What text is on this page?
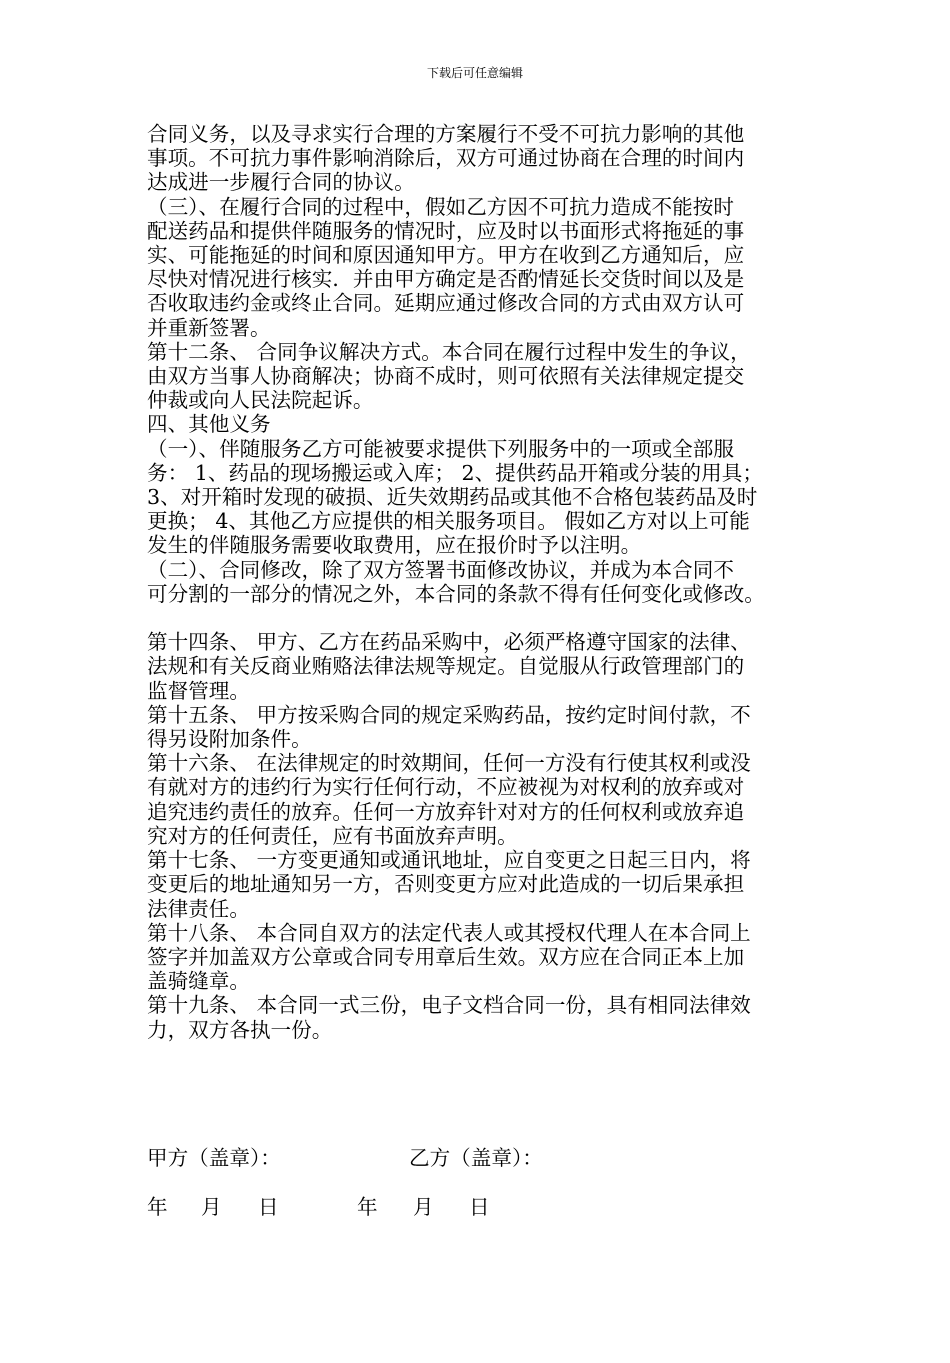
下载后可任意编辑

合同义务，以及寻求实行合理的方案履行不受不可抗力影响的其他

事项。不可抗力事件影响消除后，双方可通过协商在合理的时间内

达成进一步履行合同的协议。

（三）、在履行合同的过程中，假如乙方因不可抗力造成不能按时

配送药品和提供伴随服务的情况时，应及时以书面形式将拖延的事

实、可能拖延的时间和原因通知甲方。甲方在收到乙方通知后，应

尽快对情况进行核实．并由甲方确定是否酌情延长交货时间以及是

否收取违约金或终止合同。延期应通过修改合同的方式由双方认可

并重新签署。

第十二条、 合同争议解决方式。本合同在履行过程中发生的争议，

由双方当事人协商解决；协商不成时，则可依照有关法律规定提交

仲裁或向人民法院起诉。

四、其他义务

（一）、伴随服务乙方可能被要求提供下列服务中的一项或全部服

务： 1、药品的现场搬运或入库； 2、提供药品开箱或分装的用具；

3、对开箱时发现的破损、近失效期药品或其他不合格包装药品及时

更换； 4、其他乙方应提供的相关服务项目。 假如乙方对以上可能

发生的伴随服务需要收取费用，应在报价时予以注明。

（二）、合同修改，除了双方签署书面修改协议，并成为本合同不

可分割的一部分的情况之外，本合同的条款不得有任何变化或修改。

第十四条、 甲方、乙方在药品采购中，必须严格遵守国家的法律、

法规和有关反商业贿赂法律法规等规定。自觉服从行政管理部门的

监督管理。

第十五条、 甲方按采购合同的规定采购药品，按约定时间付款，不

得另设附加条件。

第十六条、 在法律规定的时效期间，任何一方没有行使其权利或没

有就对方的违约行为实行任何行动，不应被视为对权利的放弃或对

追究违约责任的放弃。任何一方放弃针对对方的任何权利或放弃追

究对方的任何责任，应有书面放弃声明。

第十七条、 一方变更通知或通讯地址，应自变更之日起三日内，将

变更后的地址通知另一方，否则变更方应对此造成的一切后果承担

法律责任。

第十八条、 本合同自双方的法定代表人或其授权代理人在本合同上

签字并加盖双方公章或合同专用章后生效。双方应在合同正本上加

盖骑缝章。

第十九条、 本合同一式三份，电子文档合同一份，具有相同法律效

力，双方各执一份。

甲方（盖章）：

	乙方（盖章）：

年

月

日

	年

月

日
